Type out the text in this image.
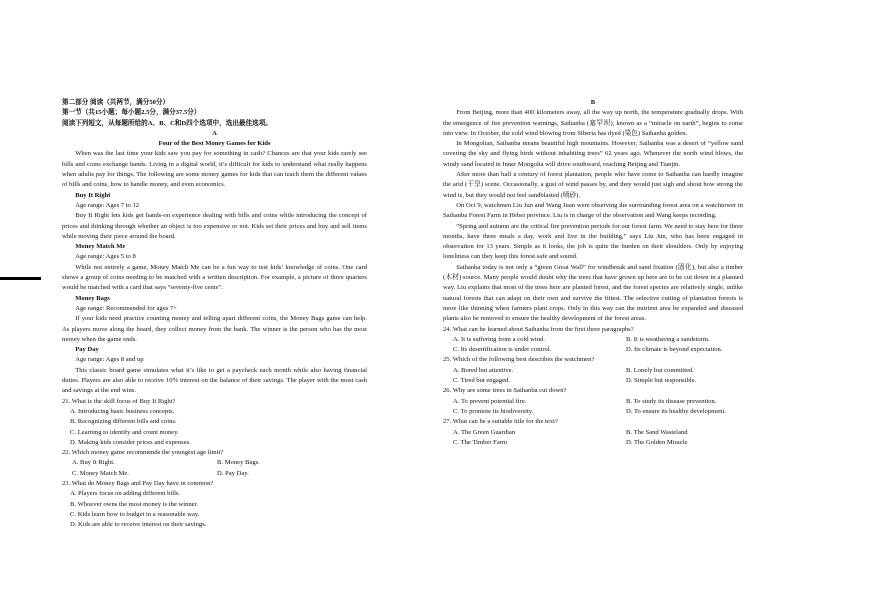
第二部分 阅读（共两节，满分50分）

第一节（共15小题；每小题2.5分，满分37.5分）

阅读下列短文，从每题所给的A、B、C和D四个选项中，选出最佳选项。

A

Four of the Best Money Games for Kids

When was the last time your kids saw you pay for something in cash? Chances are that your kids rarely see bills and coins exchange hands. Living in a digital world, it’s difficult for kids to understand what really happens when adults pay for things. The following are some money games for kids that can teach them the different values of bills and coins, how to handle money, and even economics.

Buy It Right

Age range: Ages 7 to 12

Buy It Right lets kids get hands-on experience dealing with bills and coins while introducing the concept of prices and thinking through whether an object is too expensive or not. Kids set their prices and buy and sell items while moving their piece around the board.

Money Match Me

Age range: Ages 5 to 8

While not entirely a game, Money Match Me can be a fun way to test kids’ knowledge of coins. One card shows a group of coins needing to be matched with a written description. For example, a picture of three quarters would be matched with a card that says “seventy-five cents”.

Money Bags

Age range: Recommended for ages 7+

If your kids need practice counting money and telling apart different coins, the Money Bags game can help. As players move along the board, they collect money from the bank. The winner is the person who has the most money when the game ends.

Pay Day

Age range: Ages 8 and up

This classic board game simulates what it’s like to get a paycheck each month while also having financial duties. Players are also able to receive 10% interest on the balance of their savings. The player with the most cash and savings at the end wins.

21. What is the skill focus of Buy It Right?

A. Introducing basic business concepts.

B. Recognizing different bills and coins.

C. Learning to identify and count money.

D. Making kids consider prices and expenses.

22. Which money game recommends the youngest age limit?

A. Buy It Right.	B. Money Bags.
C. Money Match Me.	D. Pay Day.

23. What do Money Bags and Pay Day have in common?

A. Players focus on adding different bills.

B. Whoever owns the most money is the winner.

C. Kids learn how to budget in a reasonable way.

D. Kids are able to receive interest on their savings.

B

From Beijing, more than 400 kilometers away, all the way up north, the temperature gradually drops. With the emergence of fire prevention warnings, Saihanba (塞罕坝), known as a “miracle on earth”, begins to come into view. In October, the cold wind blowing from Siberia has dyed (染色) Saihanba golden.

In Mongolian, Saihanba means beautiful high mountains. However, Saihanba was a desert of “yellow sand covering the sky and flying birds without inhabiting trees” 62 years ago. Whenever the north wind blows, the windy sand located in Inner Mongolia will drive southward, reaching Beijing and Tianjin.

After more than half a century of forest plantation, people who have come to Saihanba can hardly imagine the arid (干旱) scene. Occasionally, a gust of wind passes by, and they would just sigh and shout how strong the wind is, but they would not feel sandblasted (喷砂).

On Oct 9, watchmen Liu Jun and Wang Juan were observing the surrounding forest area on a watchtower in Saihanba Forest Farm in Hebei province. Liu is in charge of the observation and Wang keeps recording.

“Spring and autumn are the critical fire prevention periods for our forest farm. We need to stay here for three months, have three meals a day, work and live in the building,” says Liu Jun, who has been engaged in observation for 13 years. Simple as it looks, the job is quite the burden on their shoulders. Only by enjoying loneliness can they keep this forest safe and sound.

Saihanba today is not only a “green Great Wall” for windbreak and sand fixation (固化), but also a timber (木材) source. Many people would doubt why the trees that have grown up here are to be cut down in a planned way. Liu explains that most of the trees here are planted forest, and the forest species are relatively single, unlike natural forests that can adapt on their own and survive the fittest. The selective cutting of plantation forests is more like thinning when farmers plant crops. Only in this way can the nutrient area be expanded and diseased plants also be removed to ensure the healthy development of the forest areas.

24. What can be learned about Saihanba from the first three paragraphs?

A. It is suffering from a cold wind.	B. It is weathering a sandstorm.
C. Its desertification is under control.	D. Its climate is beyond expectation.

25. Which of the following best describes the watchmen?

A. Bored but attentive.	B. Lonely but committed.
C. Tired but engaged.	D. Simple but responsible.

26. Why are some trees in Saihanba cut down?

A. To prevent potential fire.	B. To study its disease prevention.
C. To promote its biodiversity.	D. To ensure its healthy development.

27. What can be a suitable title for the text?

A. The Green Guardian	B. The Sand Wasteland
C. The Timber Farm	D. The Golden Miracle
